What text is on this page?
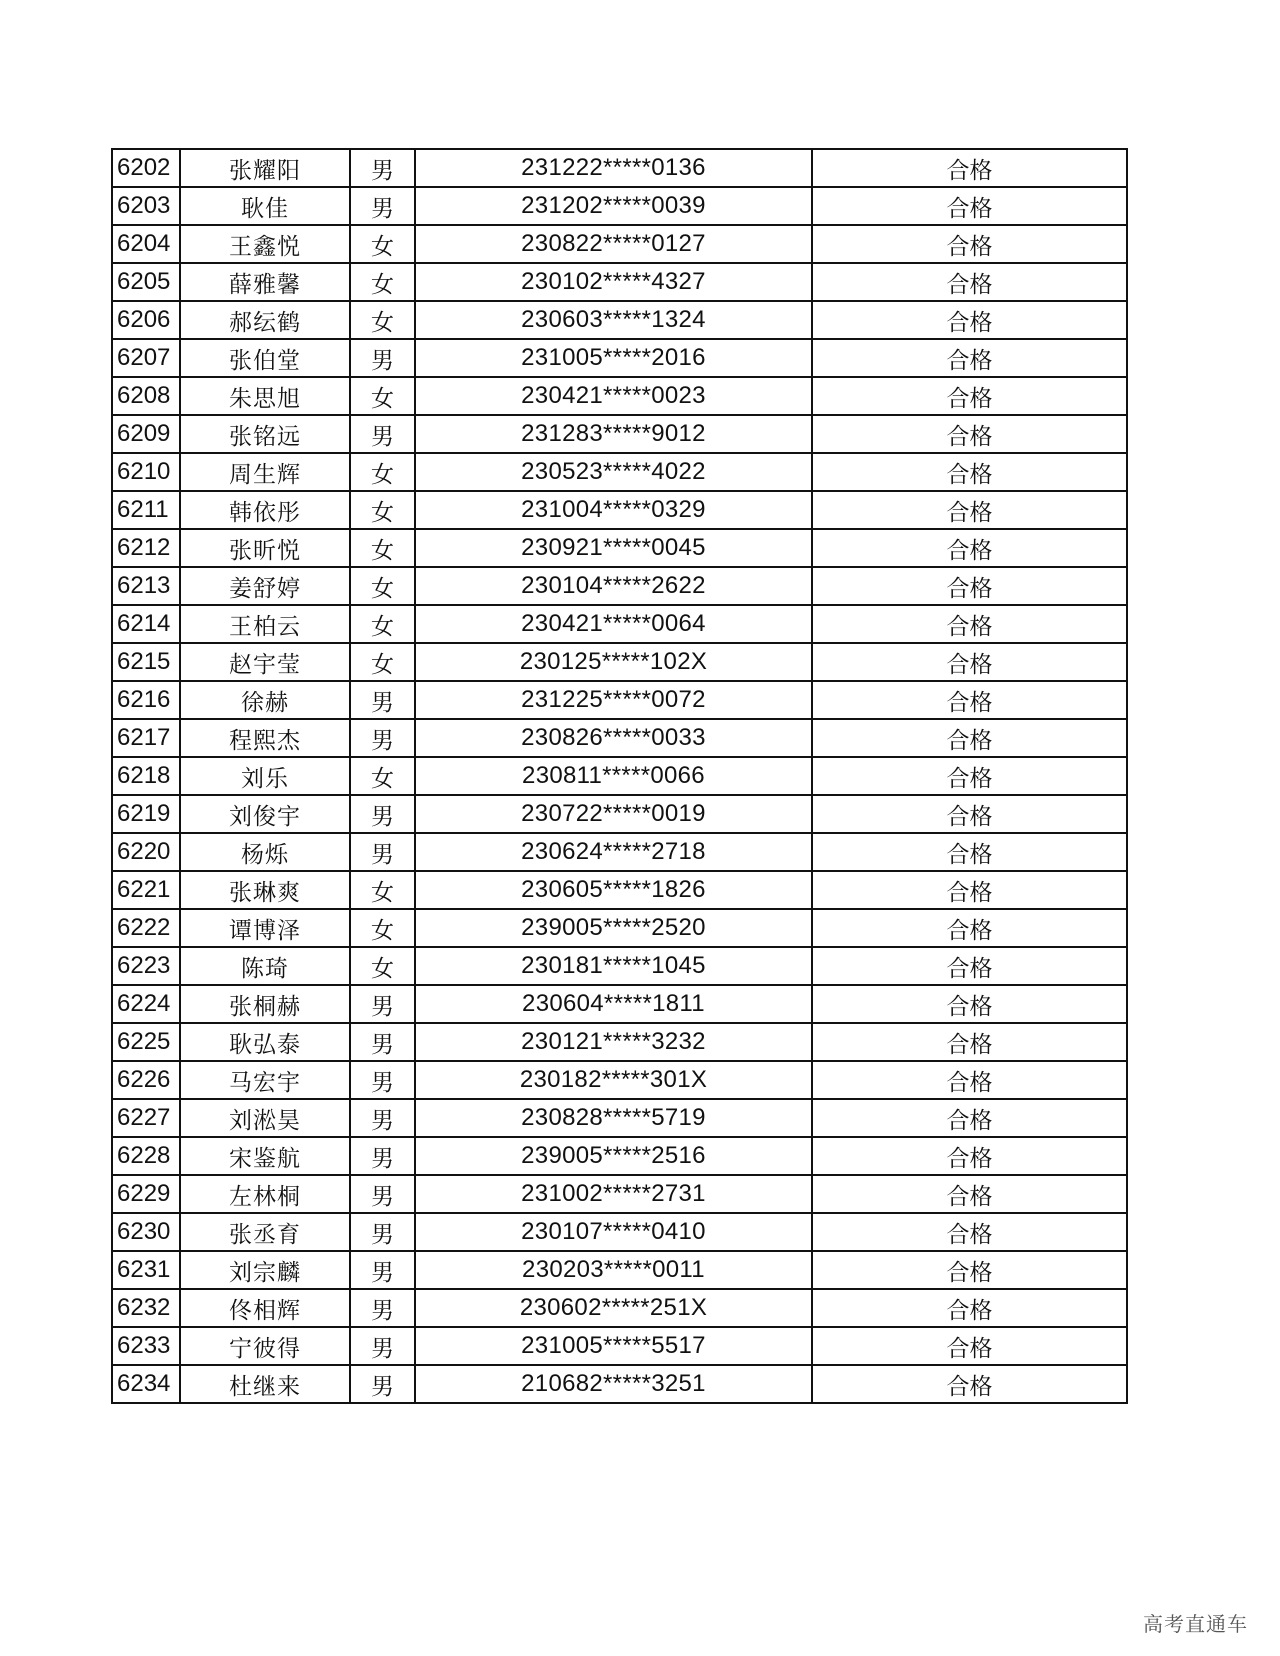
6202	张耀阳	男	231222*****0136	合格
6203	耿佳	男	231202*****0039	合格
6204	王鑫悦	女	230822*****0127	合格
6205	薛雅馨	女	230102*****4327	合格
6206	郝纭鹤	女	230603*****1324	合格
6207	张伯堂	男	231005*****2016	合格
6208	朱思旭	女	230421*****0023	合格
6209	张铭远	男	231283*****9012	合格
6210	周生辉	女	230523*****4022	合格
6211	韩依彤	女	231004*****0329	合格
6212	张昕悦	女	230921*****0045	合格
6213	姜舒婷	女	230104*****2622	合格
6214	王柏云	女	230421*****0064	合格
6215	赵宇莹	女	230125*****102X	合格
6216	徐赫	男	231225*****0072	合格
6217	程熙杰	男	230826*****0033	合格
6218	刘乐	女	230811*****0066	合格
6219	刘俊宇	男	230722*****0019	合格
6220	杨烁	男	230624*****2718	合格
6221	张琳爽	女	230605*****1826	合格
6222	谭博泽	女	239005*****2520	合格
6223	陈琦	女	230181*****1045	合格
6224	张桐赫	男	230604*****1811	合格
6225	耿弘泰	男	230121*****3232	合格
6226	马宏宇	男	230182*****301X	合格
6227	刘淞昊	男	230828*****5719	合格
6228	宋鉴航	男	239005*****2516	合格
6229	左林桐	男	231002*****2731	合格
6230	张丞育	男	230107*****0410	合格
6231	刘宗麟	男	230203*****0011	合格
6232	佟相辉	男	230602*****251X	合格
6233	宁彼得	男	231005*****5517	合格
6234	杜继来	男	210682*****3251	合格
高考直通车
